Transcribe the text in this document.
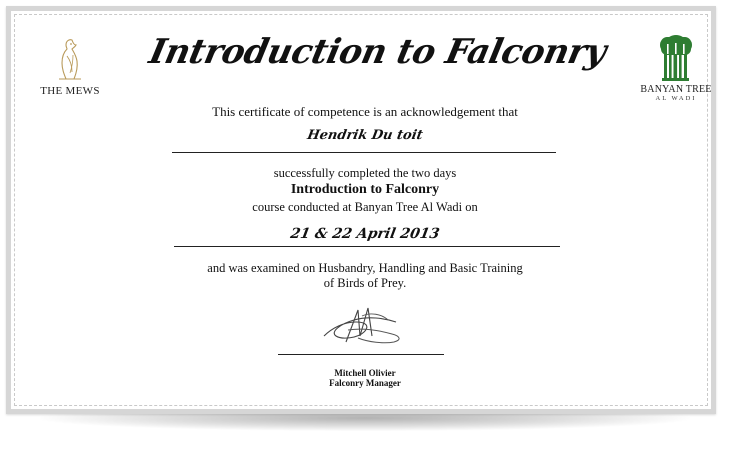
THE MEWS	BANYAN TREE
AL WADI
Introduction to Falconry
This certificate of competence is an acknowledgement that
Hendrik Du toit
successfully completed the two days
Introduction to Falconry
course conducted at Banyan Tree Al Wadi on
21 & 22 April 2013
and was examined on Husbandry, Handling and Basic Training
of Birds of Prey.
Mitchell Olivier
Falconry Manager
